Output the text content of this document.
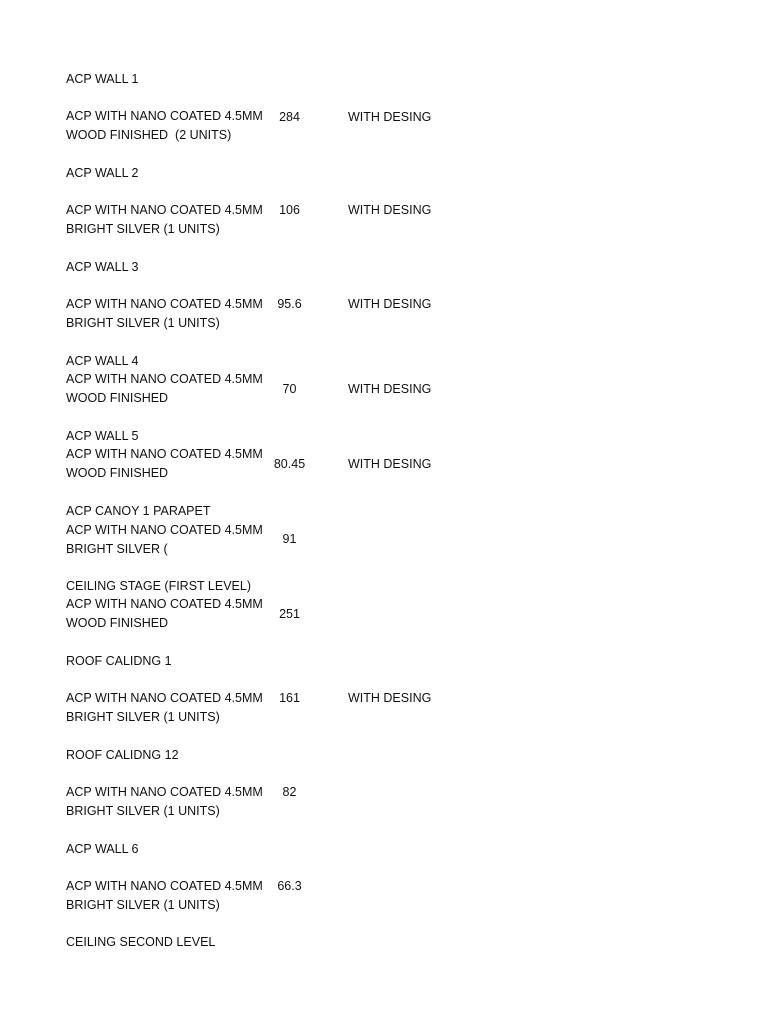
ACP WALL 1
ACP WITH NANO COATED 4.5MM
WOOD FINISHED  (2 UNITS)
ACP WALL 2
ACP WITH NANO COATED 4.5MM
BRIGHT SILVER (1 UNITS)
ACP WALL 3
ACP WITH NANO COATED 4.5MM
BRIGHT SILVER (1 UNITS)
ACP WALL 4
ACP WITH NANO COATED 4.5MM
WOOD FINISHED
ACP WALL 5
ACP WITH NANO COATED 4.5MM
WOOD FINISHED
ACP CANOY 1 PARAPET
ACP WITH NANO COATED 4.5MM
BRIGHT SILVER (
CEILING STAGE (FIRST LEVEL)
ACP WITH NANO COATED 4.5MM
WOOD FINISHED
ROOF CALIDNG 1
ACP WITH NANO COATED 4.5MM
BRIGHT SILVER (1 UNITS)
ROOF CALIDNG 12
ACP WITH NANO COATED 4.5MM
BRIGHT SILVER (1 UNITS)
ACP WALL 6
ACP WITH NANO COATED 4.5MM
BRIGHT SILVER (1 UNITS)
CEILING SECOND LEVEL
284
106
95.6
70
80.45
91
251
161
82
66.3
WITH DESING
WITH DESING
WITH DESING
WITH DESING
WITH DESING
WITH DESING
